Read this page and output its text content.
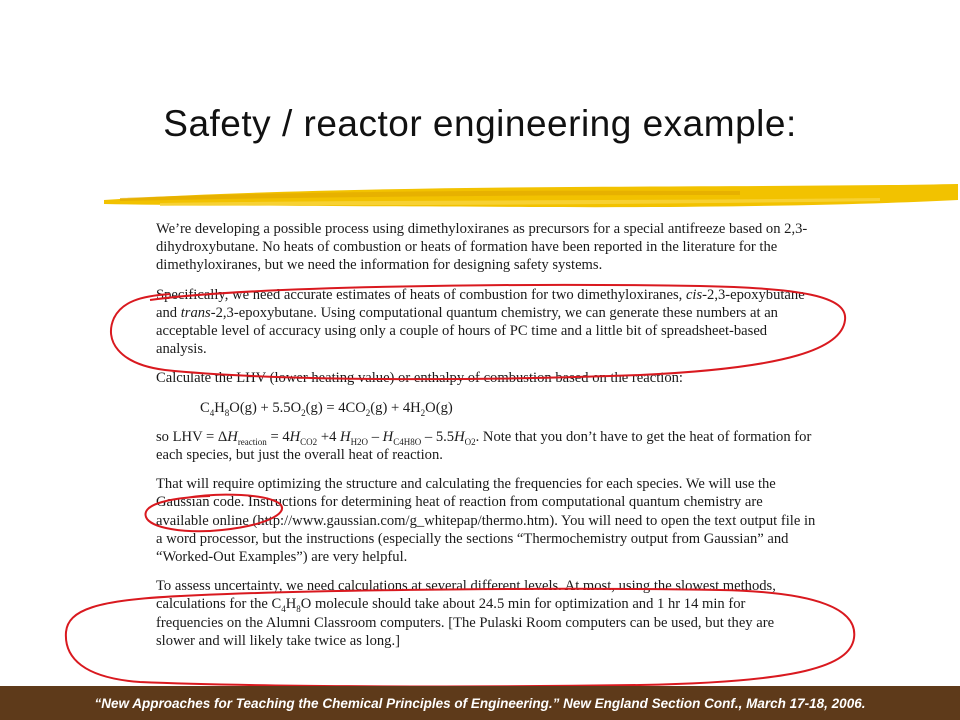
Safety / reactor engineering example:

We’re developing a possible process using dimethyloxiranes as precursors for a special antifreeze based on 2,3-dihydroxybutane. No heats of combustion or heats of formation have been reported in the literature for the dimethyloxiranes, but we need the information for designing safety systems.

Specifically, we need accurate estimates of heats of combustion for two dimethyloxiranes, cis-2,3-epoxybutane and trans-2,3-epoxybutane. Using computational quantum chemistry, we can generate these numbers at an acceptable level of accuracy using only a couple of hours of PC time and a little bit of spreadsheet-based analysis.

Calculate the LHV (lower heating value) or enthalpy of combustion based on the reaction:

$C_4H_8O(g) + 5.5O_2(g) = 4CO_2(g) + 4H_2O(g)$

so LHV = $\Delta H_{reaction} = 4H_{CO2} +4$ $H_{H2O} - H_{C4H8O} - 5.5H_{O2}$. Note that you don’t have to get the heat of formation for each species, but just the overall heat of reaction.

That will require optimizing the structure and calculating the frequencies for each species. We will use the Gaussian code. Instructions for determining heat of reaction from computational quantum chemistry are available online (http://www.gaussian.com/g_whitepap/thermo.htm). You will need to open the text output file in a word processor, but the instructions (especially the sections “Thermochemistry output from Gaussian” and “Worked-Out Examples”) are very helpful.

To assess uncertainty, we need calculations at several different levels. At most, using the slowest methods, calculations for the $C_4H_8O$ molecule should take about 24.5 min for optimization and 1 hr 14 min for frequencies on the Alumni Classroom computers. [The Pulaski Room computers can be used, but they are slower and will likely take twice as long.]

“New Approaches for Teaching the Chemical Principles of Engineering.” New England Section Conf., March 17-18, 2006.
